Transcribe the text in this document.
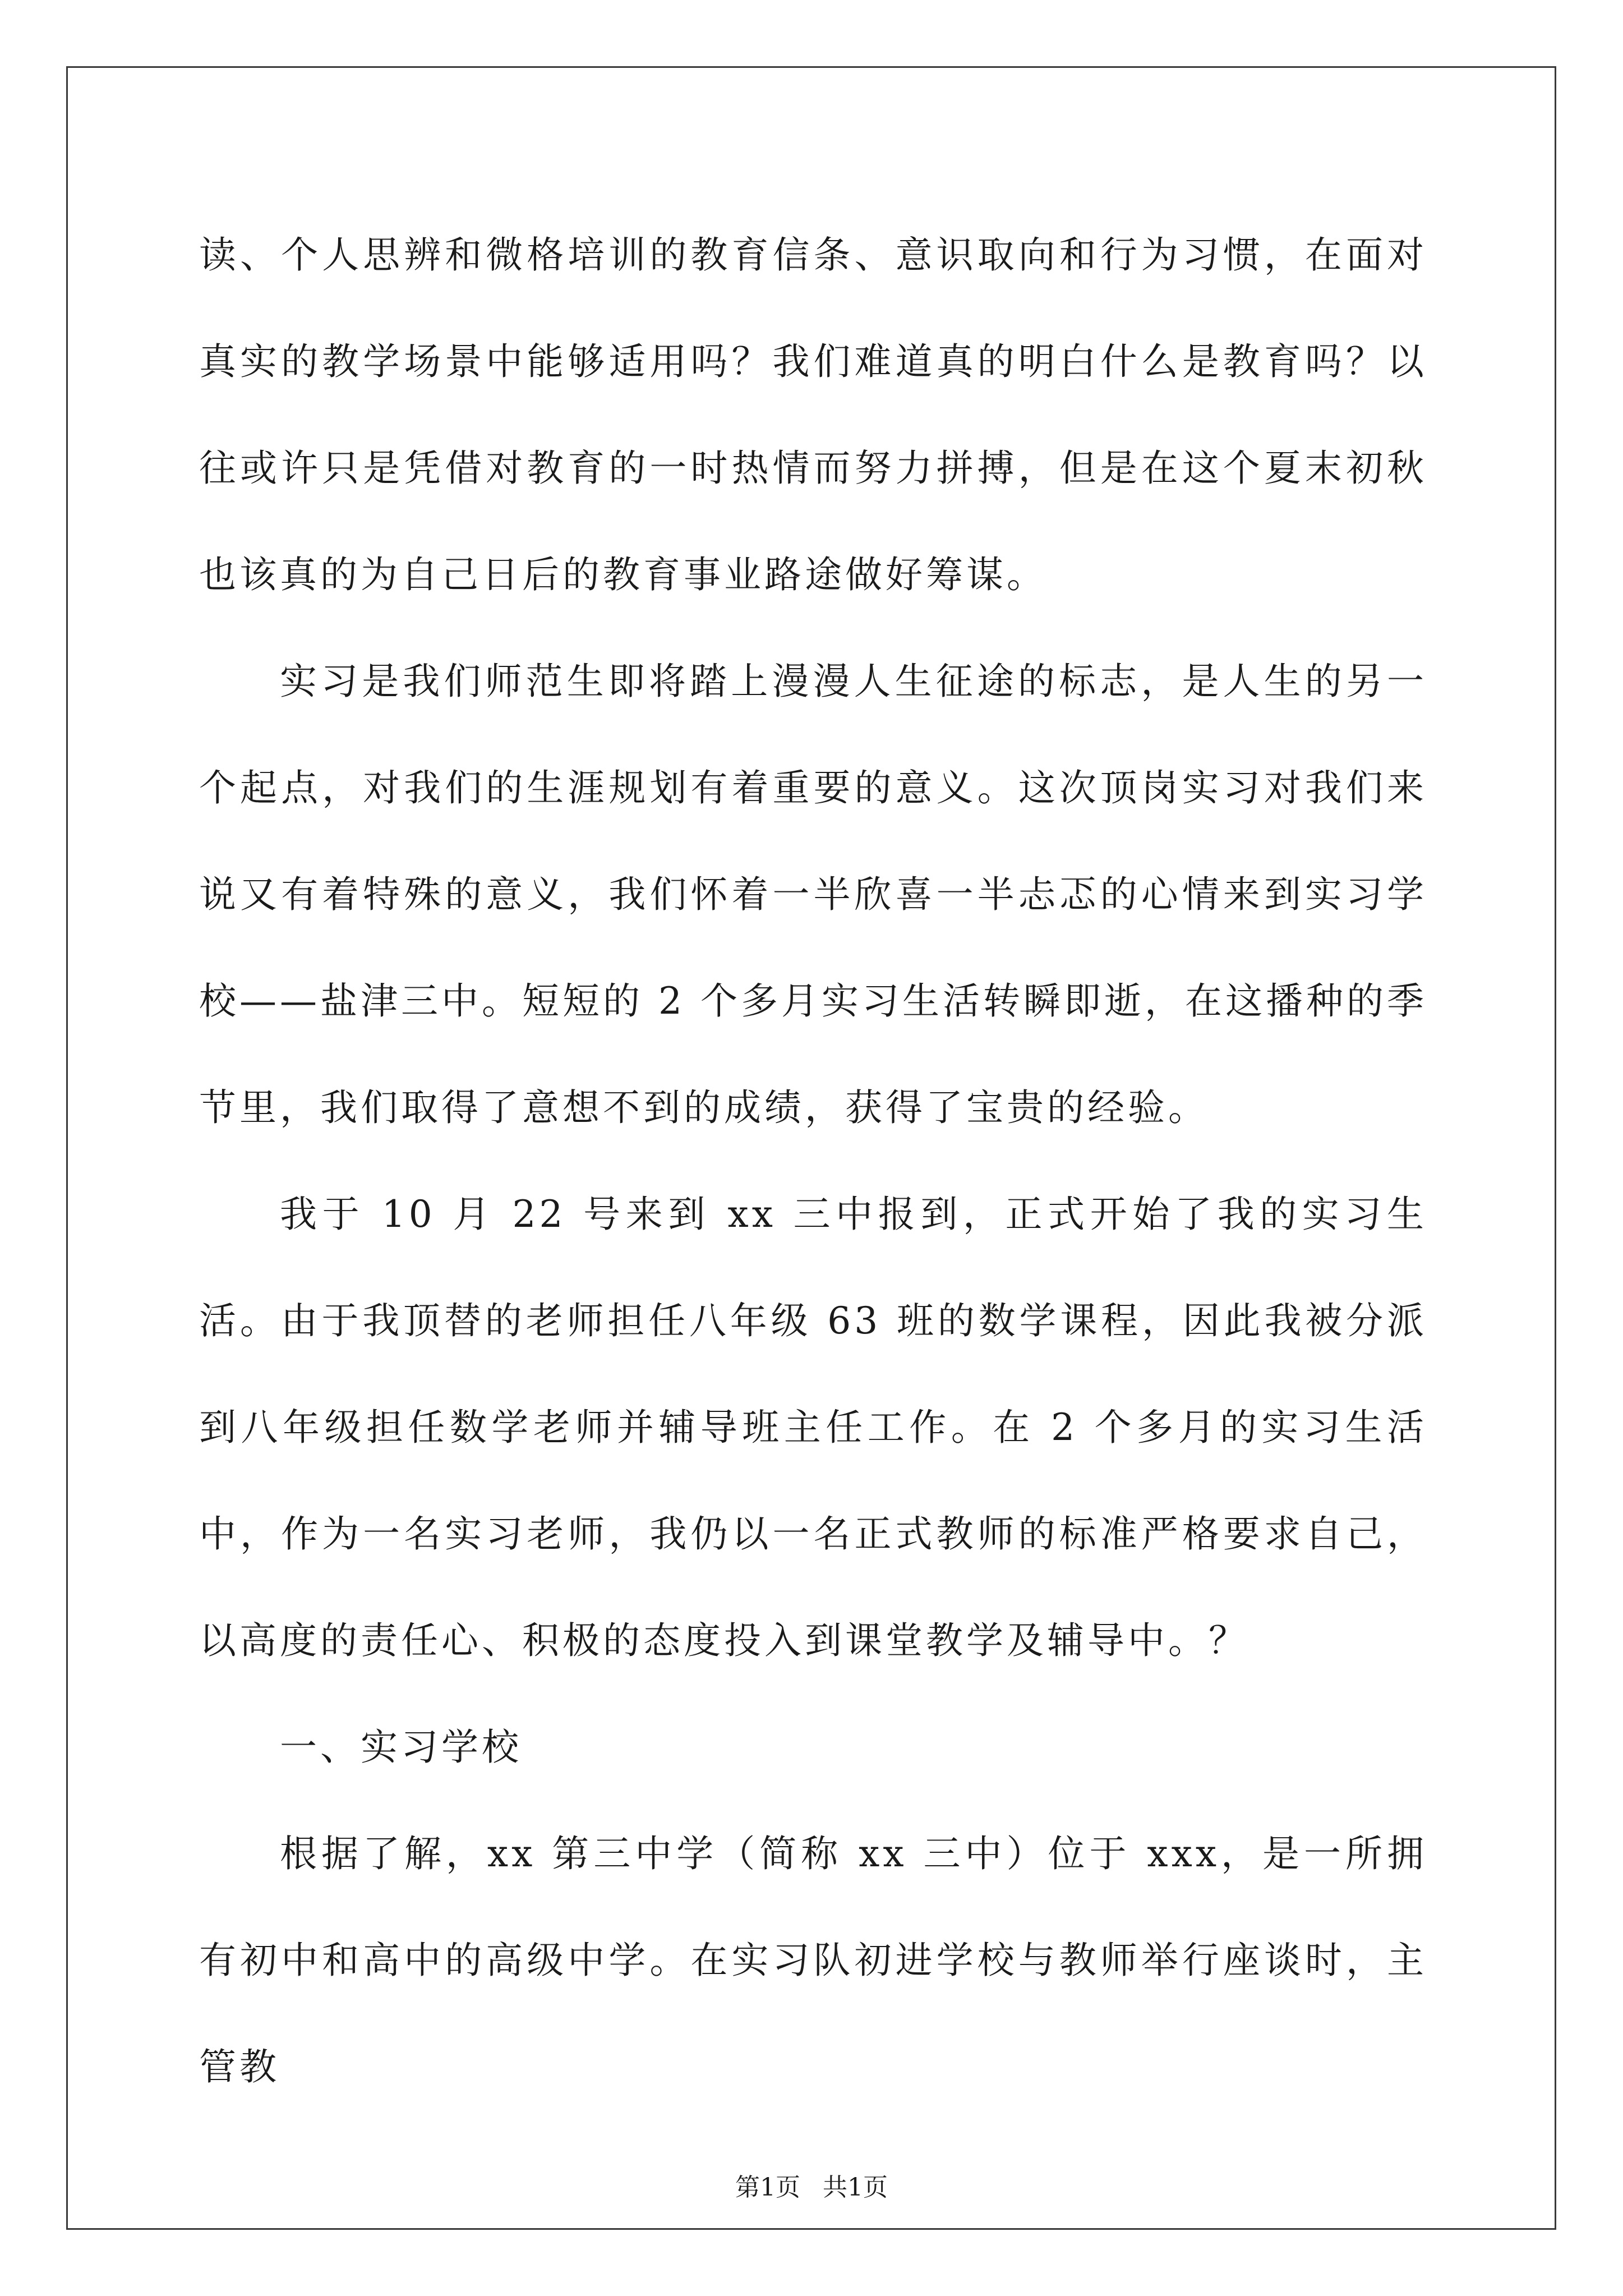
读、个人思辨和微格培训的教育信条、意识取向和行为习惯，在面对真实的教学场景中能够适用吗？我们难道真的明白什么是教育吗？以往或许只是凭借对教育的一时热情而努力拼搏，但是在这个夏末初秋也该真的为自己日后的教育事业路途做好筹谋。

实习是我们师范生即将踏上漫漫人生征途的标志，是人生的另一个起点，对我们的生涯规划有着重要的意义。这次顶岗实习对我们来说又有着特殊的意义，我们怀着一半欣喜一半忐忑的心情来到实习学校——盐津三中。短短的 2 个多月实习生活转瞬即逝，在这播种的季节里，我们取得了意想不到的成绩，获得了宝贵的经验。

我于 10 月 22 号来到 xx 三中报到，正式开始了我的实习生活。由于我顶替的老师担任八年级 63 班的数学课程，因此我被分派到八年级担任数学老师并辅导班主任工作。在 2 个多月的实习生活中，作为一名实习老师，我仍以一名正式教师的标准严格要求自己，以高度的责任心、积极的态度投入到课堂教学及辅导中。？

一、实习学校

根据了解，xx 第三中学（简称 xx 三中）位于 xxx，是一所拥有初中和高中的高级中学。在实习队初进学校与教师举行座谈时，主管教

第1页 共1页
